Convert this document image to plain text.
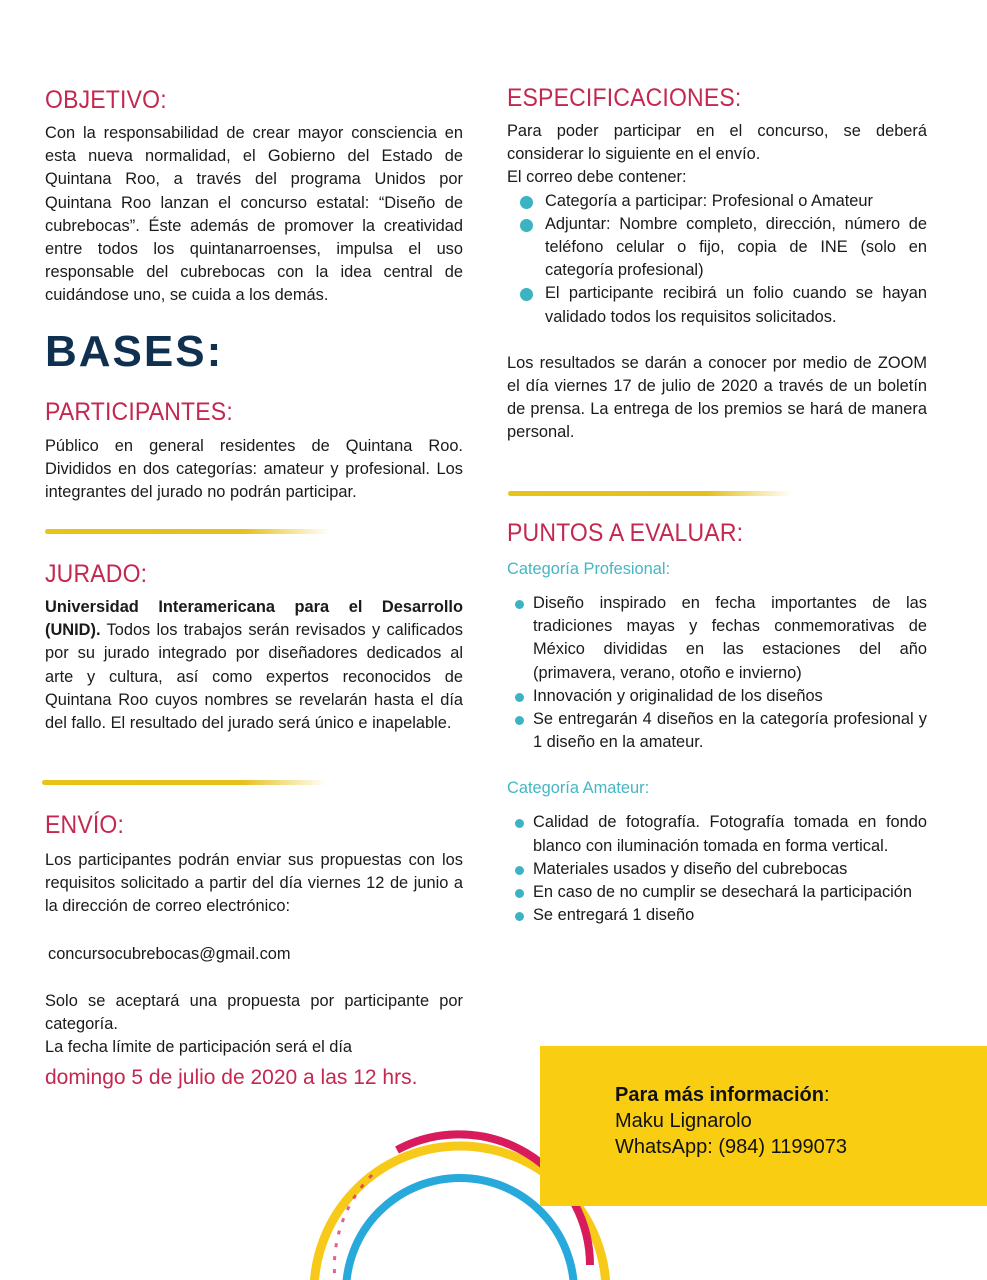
OBJETIVO:

Con la responsabilidad de crear mayor consciencia en esta nueva normalidad, el Gobierno del Estado de Quintana Roo, a través del programa Unidos por Quintana Roo lanzan el concurso estatal: “Diseño de cubrebocas”. Éste además de promover la creatividad entre todos los quintanarroenses, impulsa el uso responsable del cubrebocas con la idea central de cuidándose uno, se cuida a los demás.

BASES:
PARTICIPANTES:

Público en general residentes de Quintana Roo. Divididos en dos categorías: amateur y profesional. Los integrantes del jurado no podrán participar.

JURADO:

Universidad Interamericana para el Desarrollo (UNID). Todos los trabajos serán revisados y calificados por su jurado integrado por diseñadores dedicados al arte y cultura, así como expertos reconocidos de Quintana Roo cuyos nombres se revelarán hasta el día del fallo. El resultado del jurado será único e inapelable.

ENVÍO:

Los participantes podrán enviar sus propuestas con los requisitos solicitado a partir del día viernes 12 de junio a la dirección de correo electrónico:

concursocubrebocas@gmail.com

Solo se aceptará una propuesta por participante por categoría.

La fecha límite de participación será el día

domingo 5 de julio de 2020 a las 12 hrs.

ESPECIFICACIONES:

Para poder participar en el concurso, se deberá considerar lo siguiente en el envío.

El correo debe contener:

Categoría a participar: Profesional o Amateur
Adjuntar: Nombre completo, dirección, número de teléfono celular o fijo, copia de INE (solo en categoría profesional)
El participante recibirá un folio cuando se hayan validado todos los requisitos solicitados.

Los resultados se darán a conocer por medio de ZOOM el día viernes 17 de julio de 2020 a través de un boletín de prensa. La entrega de los premios se hará de manera personal.

PUNTOS A EVALUAR:

Categoría Profesional:

Diseño inspirado en fecha importantes de las tradiciones mayas y fechas conmemorativas de México divididas en las estaciones del año (primavera, verano, otoño e invierno)
Innovación y originalidad de los diseños
Se entregarán 4 diseños en la categoría profesional y 1 diseño en la amateur.

Categoría Amateur:

Calidad de fotografía. Fotografía tomada en fondo blanco con iluminación tomada en forma vertical.
Materiales usados y diseño del cubrebocas
En caso de no cumplir se desechará la participación
Se entregará 1 diseño
Para más información:
Maku Lignarolo
WhatsApp: (984) 1199073
